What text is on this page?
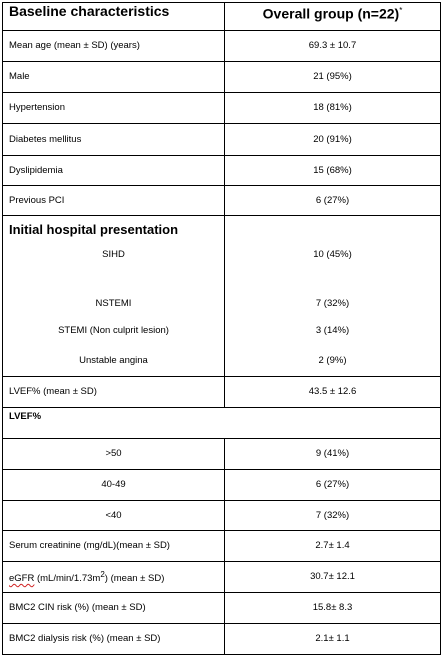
Baseline characteristics	Overall group (n=22)*
Mean age (mean ± SD) (years)	69.3 ± 10.7
Male	21 (95%)
Hypertension	18 (81%)
Diabetes mellitus	20 (91%)
Dyslipidemia	15 (68%)
Previous PCI	6 (27%)

Initial hospital presentation
SIHD	10 (45%)
NSTEMI	7 (32%)
STEMI (Non culprit lesion)	3 (14%)
Unstable angina	2 (9%)
LVEF% (mean ± SD)	43.5 ± 12.6
LVEF%	
>50	9 (41%)
40-49	6 (27%)
<40	7 (32%)
Serum creatinine (mg/dL)(mean ± SD)	2.7± 1.4
eGFR $(mL/\min/1.73m^2)$ (mean ± SD)	30.7± 12.1
BMC2 CIN risk (%) (mean ± SD)	15.8± 8.3
BMC2 dialysis risk (%) (mean ± SD)	2.1± 1.1
